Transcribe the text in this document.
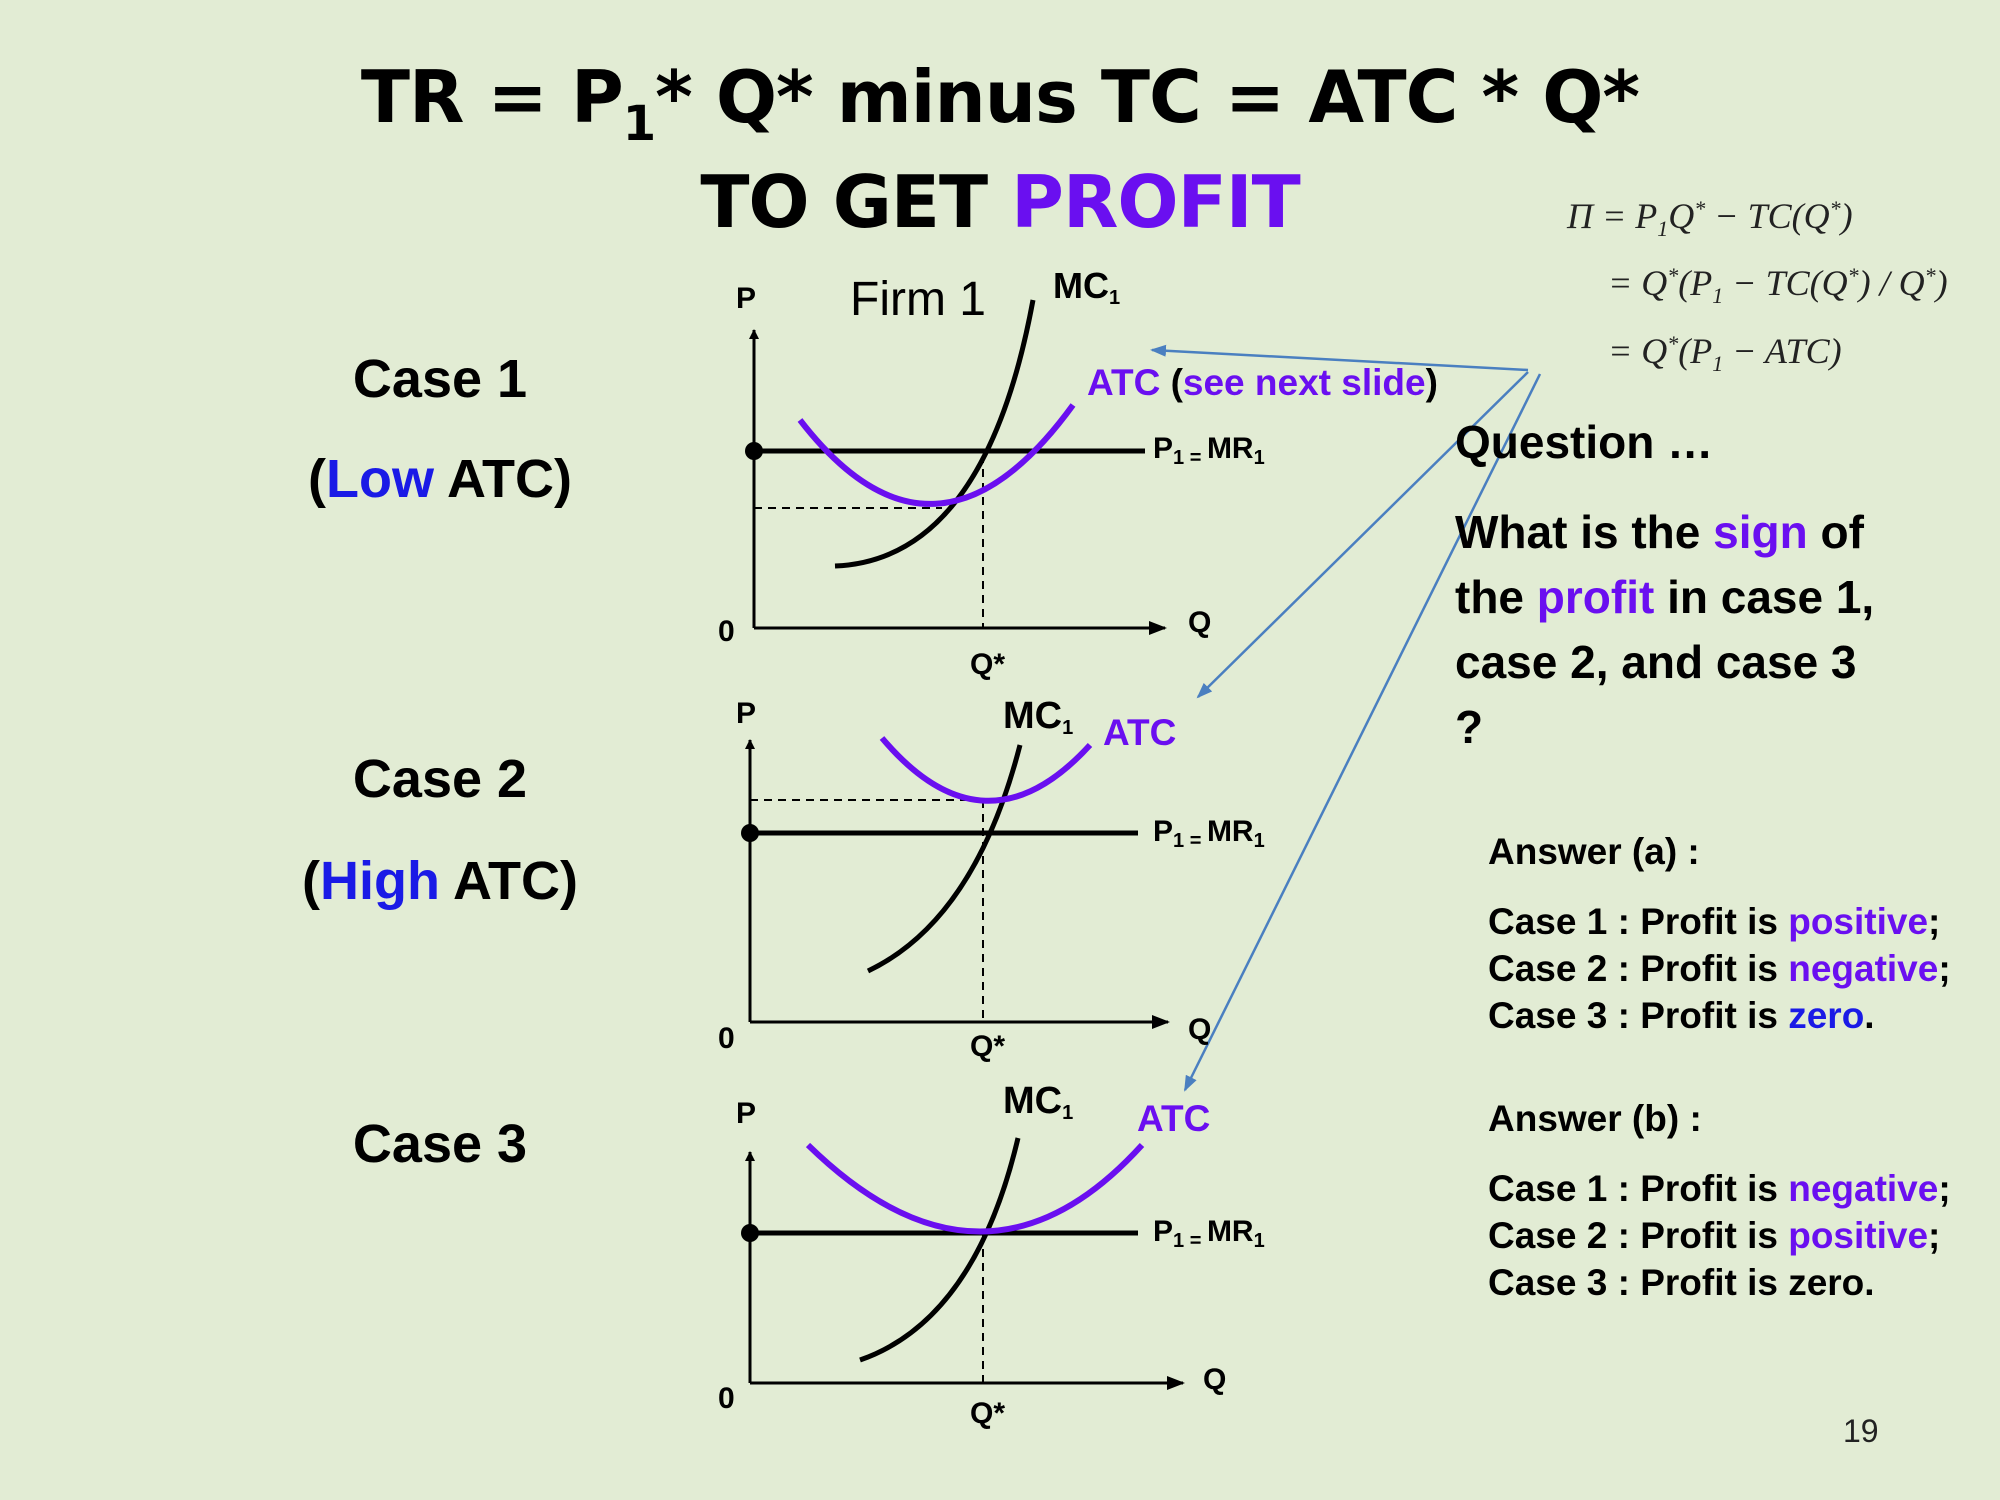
TR = $P_1*$ Q* minus TC = ATC * Q*
TO GET PROFIT	$\Pi = P_1Q^* - TC(Q^*)$
= $Q^*(P_1 - TC(Q^*) / Q^*)$
= $Q^*(P_1 - ATC)$
Case 1
(Low ATC)
Case 2
(High ATC)
Case 3
P Firm 1 $MC_1$
ATC (see next slide)
$P_1$ $_=$ $MR_1$
0	Q
Q*
P	$MC_1$ ATC
$P_1$ $_=$ $MR_1$
0	Q
Q*
P	$MC_1$ ATC
$P_1$ $_=$ $MR_1$
0
Q
Q*
Question …
What is the sign of
the profit in case 1,
case 2, and case 3
?
Answer (a) :
Case 1 : Profit is positive;
Case 2 : Profit is negative;
Case 3 : Profit is zero.
Answer (b) :
Case 1 : Profit is negative;
Case 2 : Profit is positive;
Case 3 : Profit is zero.
19
